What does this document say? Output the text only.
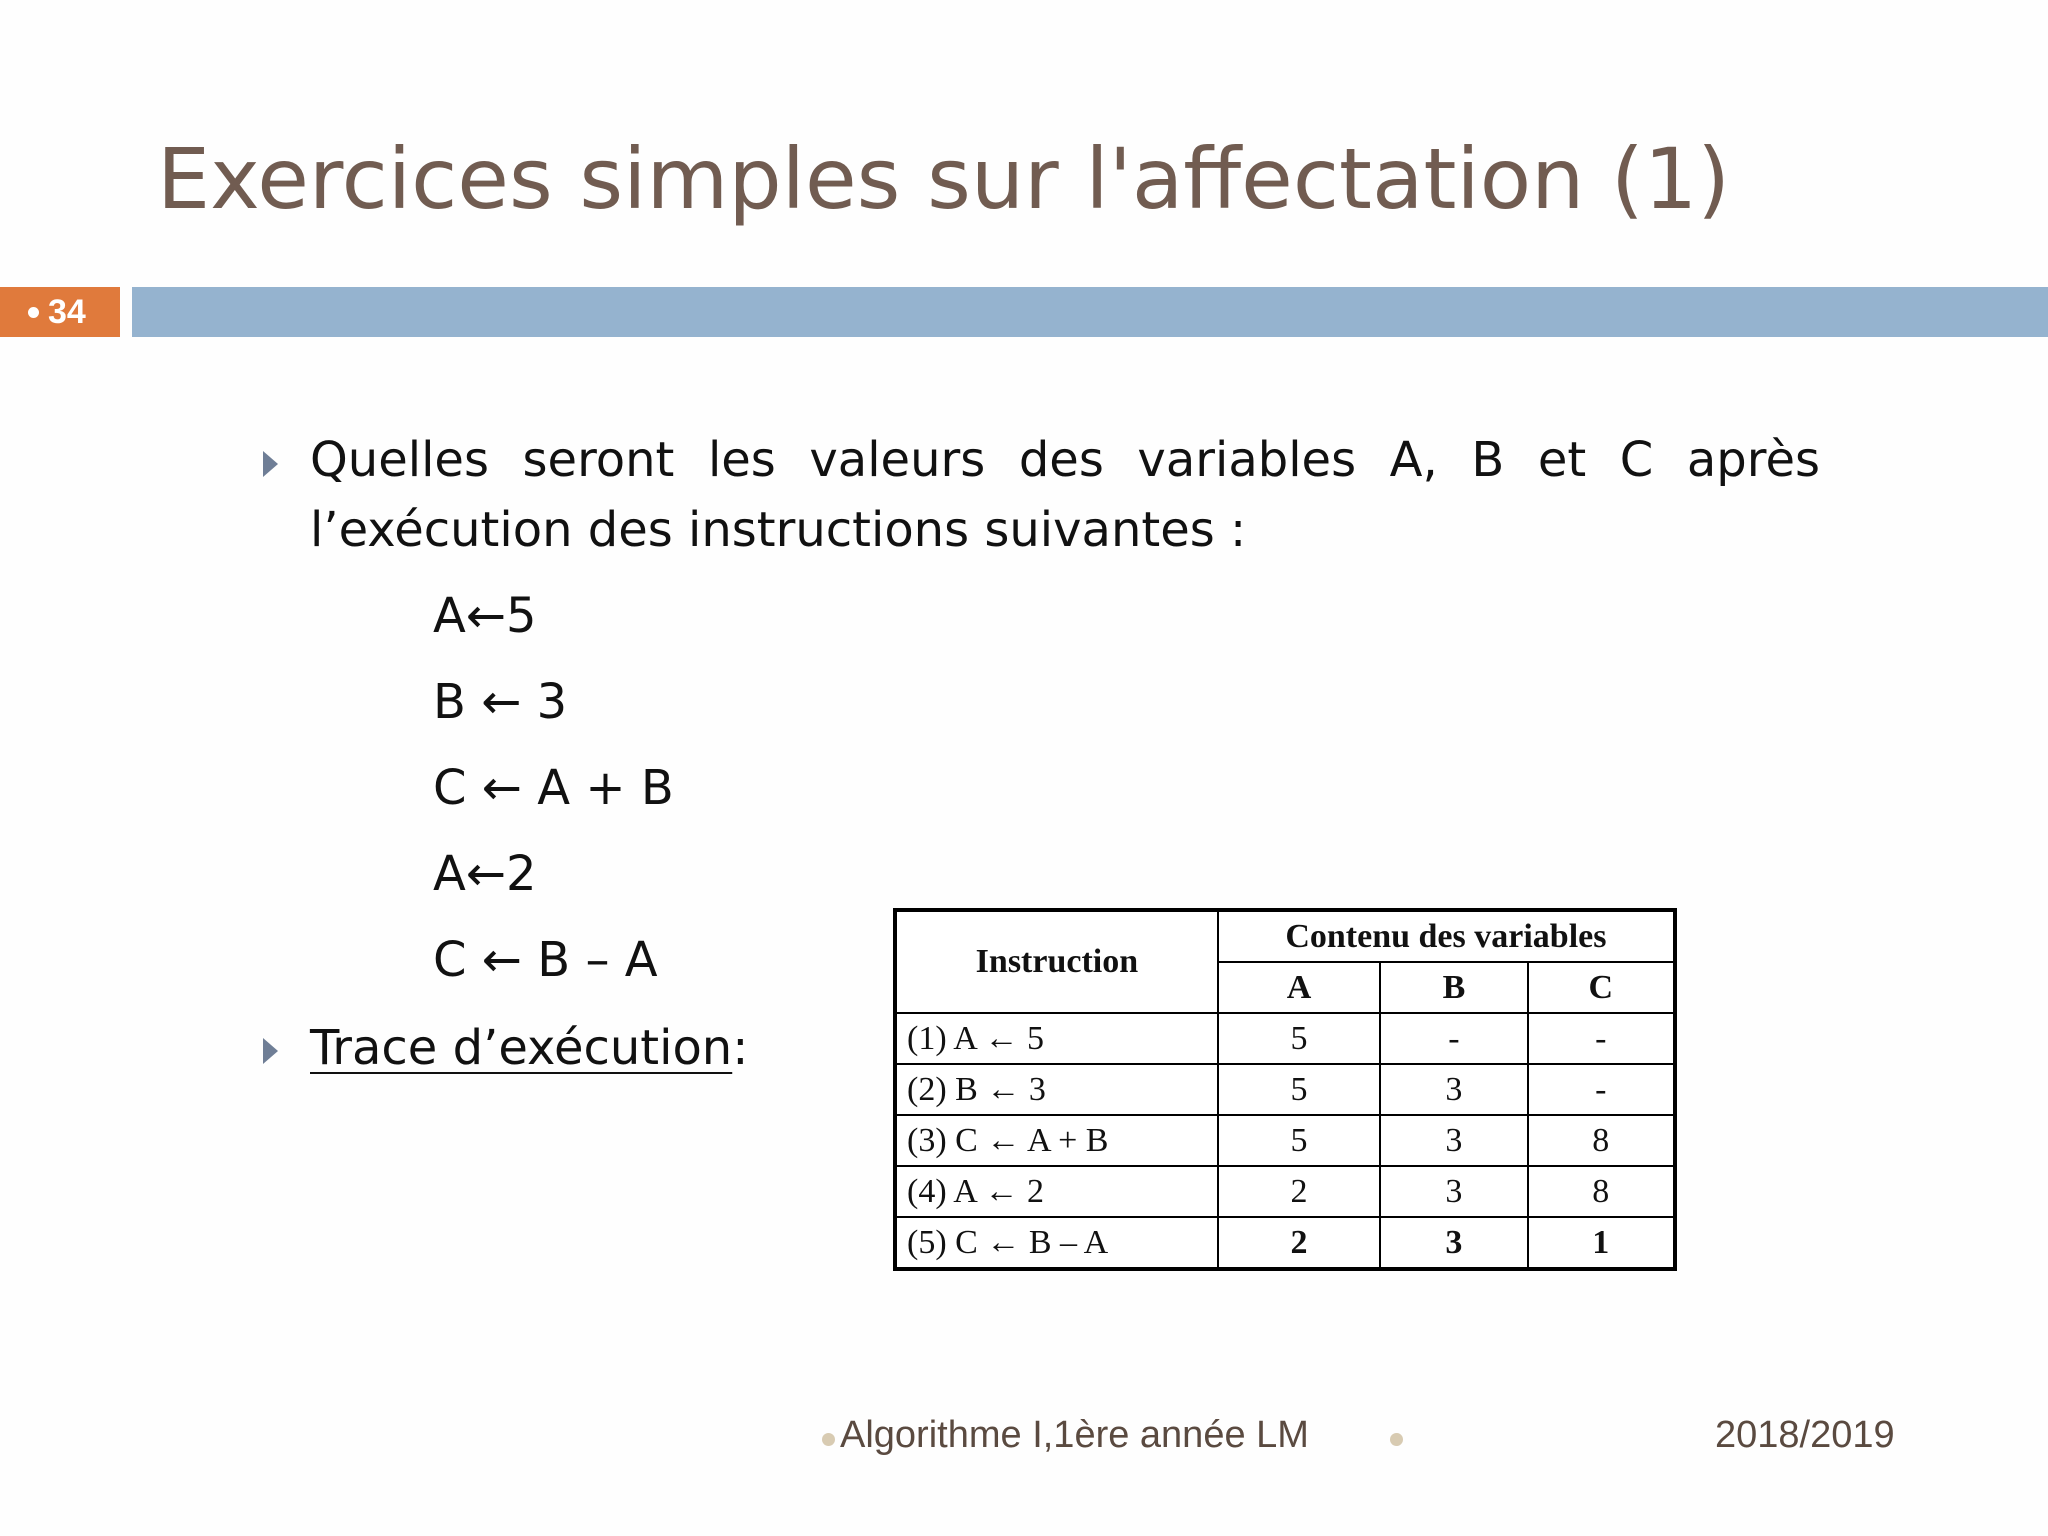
Exercices simples sur l'affectation (1)
34
Quelles seront les valeurs des variables A, B et C après
l’exécution des instructions suivantes :
A←5
B ← 3
C ← A + B
A←2
C ← B – A
Trace d’exécution:
Instruction	Contenu des variables		
	A	B	C
(1) A ← 5	5	-	-
(2) B ← 3	5	3	-
(3) C ← A + B	5	3	8
(4) A ← 2	2	3	8
(5) C ← B – A	2	3	1
Algorithme I,1ère année LM	2018/2019
